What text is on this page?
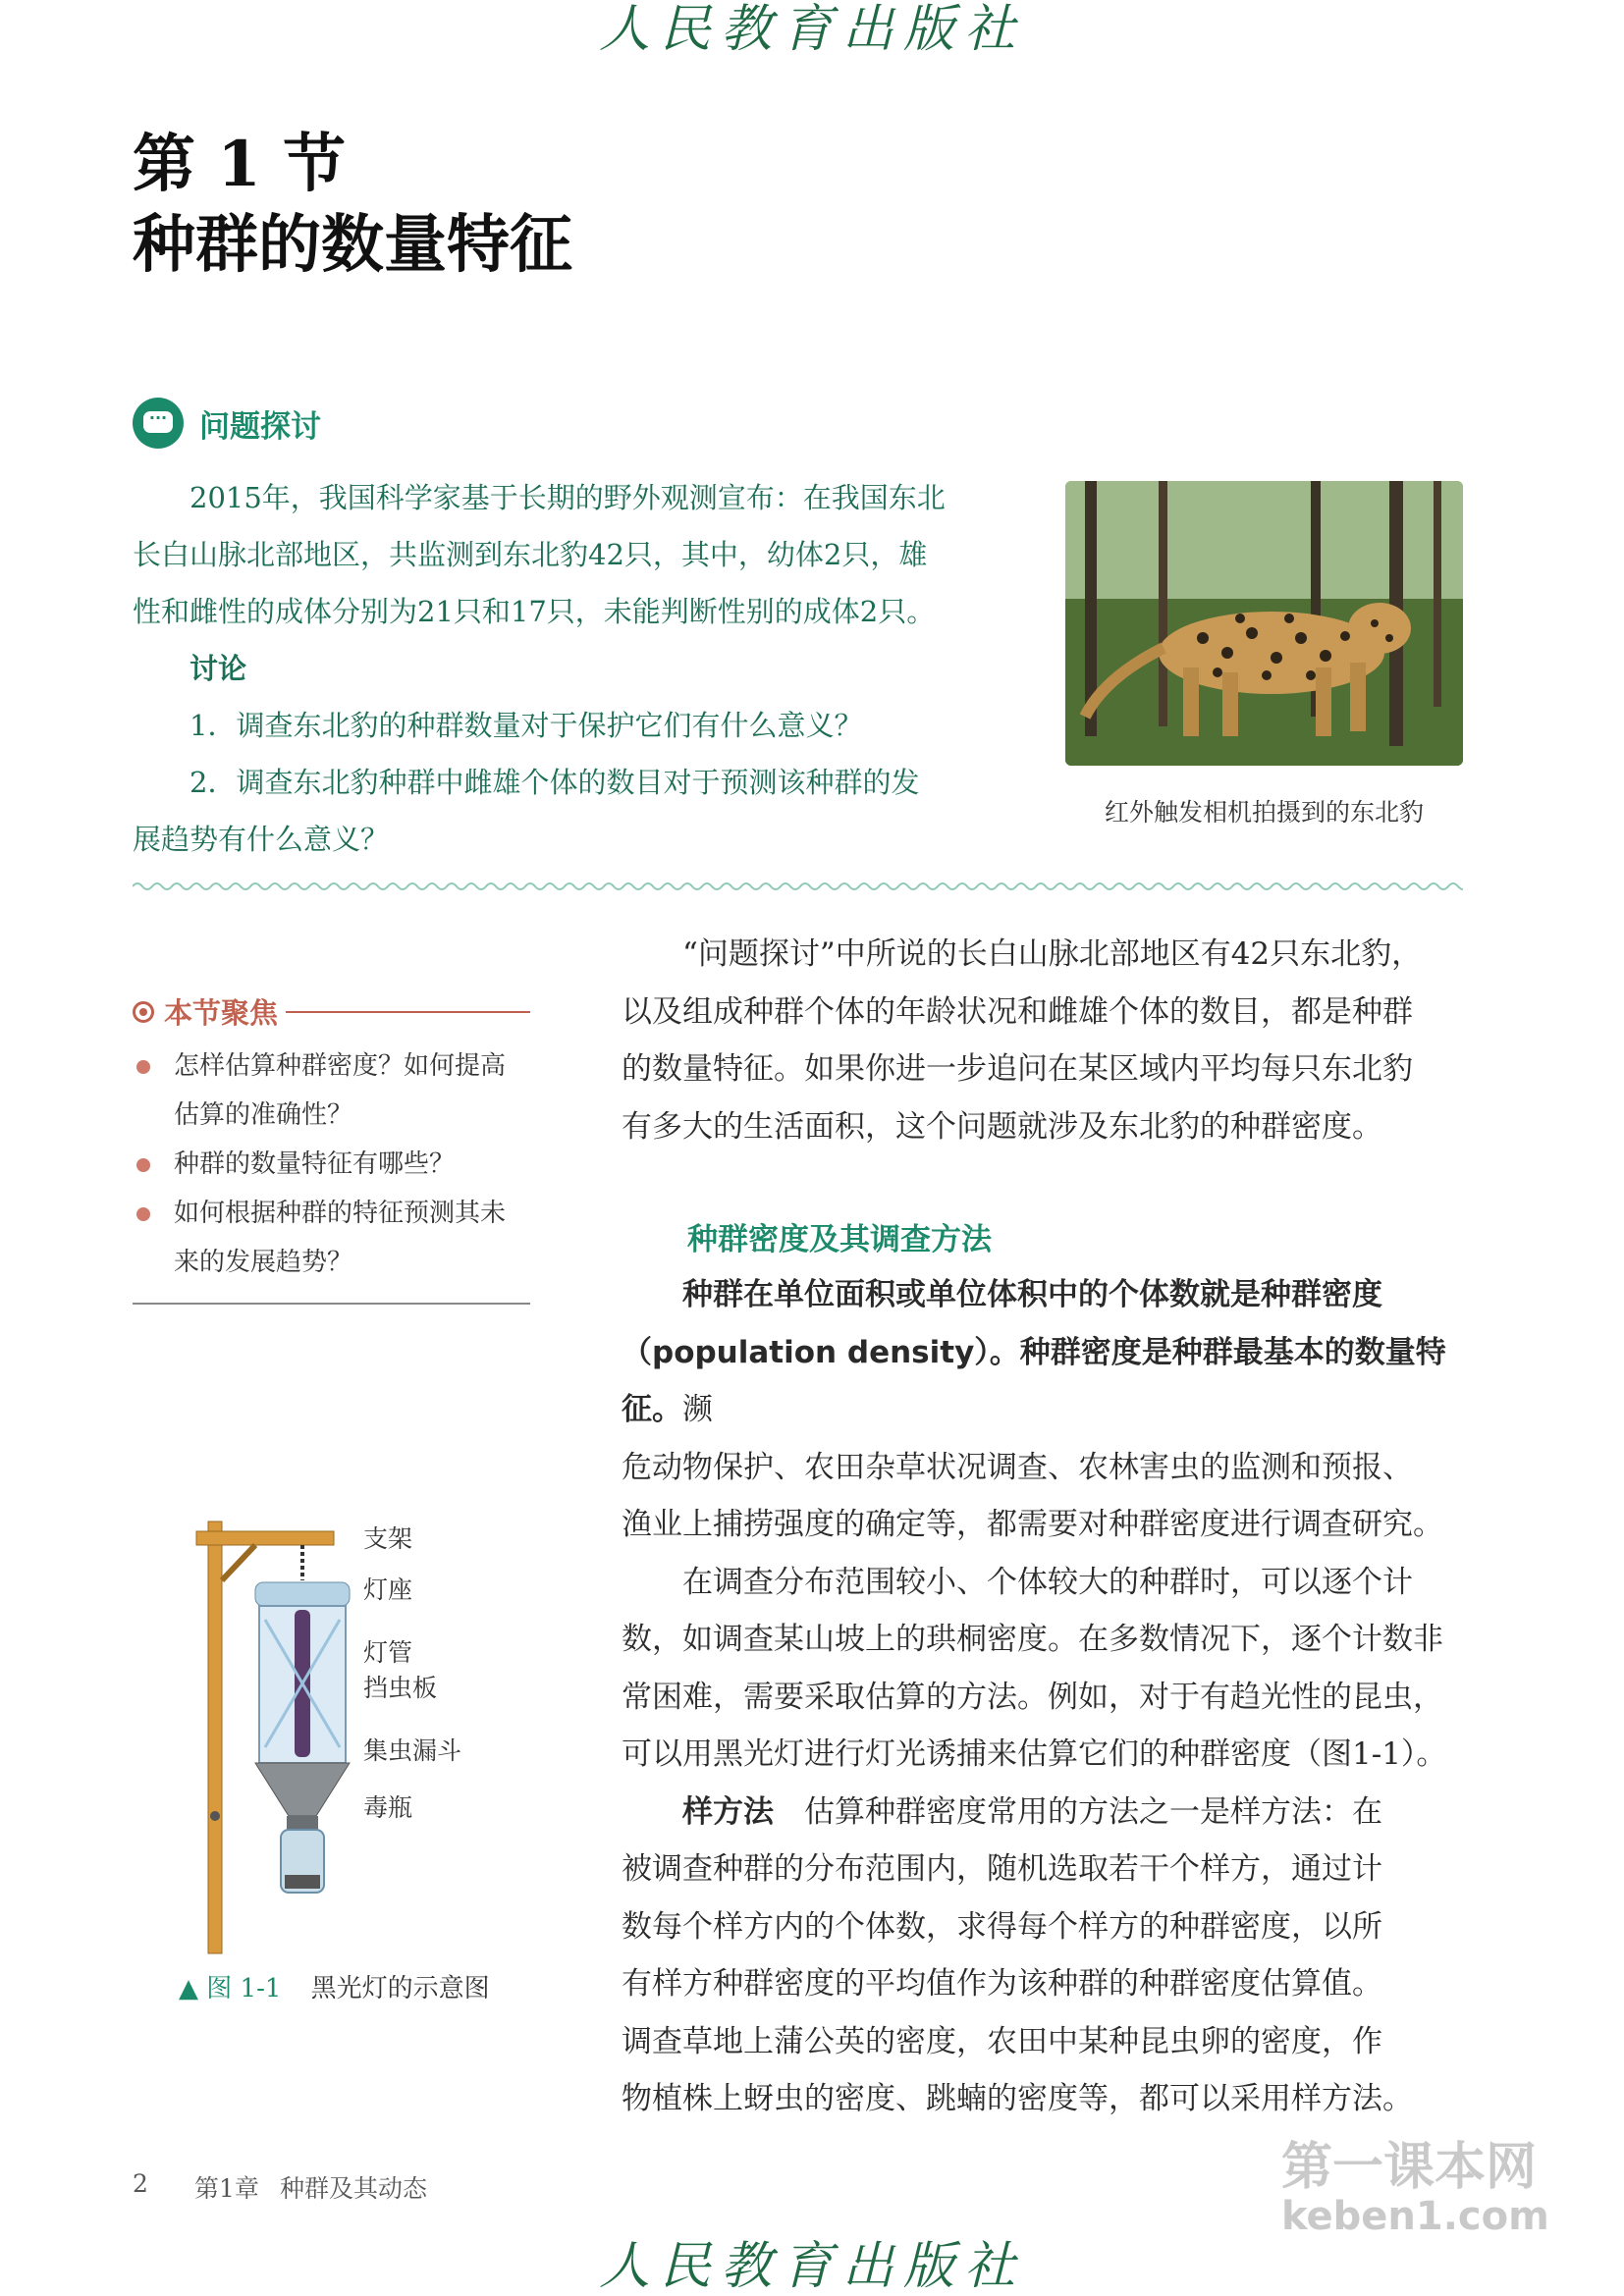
人民教育出版社
第 1 节
种群的数量特征
··· 问题探讨
2015年，我国科学家基于长期的野外观测宣布：在我国东北
长白山脉北部地区，共监测到东北豹42只，其中，幼体2只，雄
性和雌性的成体分别为21只和17只，未能判断性别的成体2只。
讨论
1．调查东北豹的种群数量对于保护它们有什么意义？
2．调查东北豹种群中雌雄个体的数目对于预测该种群的发
展趋势有什么意义？
红外触发相机拍摄到的东北豹
本节聚焦
怎样估算种群密度？如何提高
估算的准确性？
种群的数量特征有哪些？
如何根据种群的特征预测其未
来的发展趋势？

“问题探讨”中所说的长白山脉北部地区有42只东北豹，

以及组成种群个体的年龄状况和雌雄个体的数目，都是种群

的数量特征。如果你进一步追问在某区域内平均每只东北豹

有多大的生活面积，这个问题就涉及东北豹的种群密度。

种群密度及其调查方法

种群在单位面积或单位体积中的个体数就是种群密度

（population density）。种群密度是种群最基本的数量特征。濒

危动物保护、农田杂草状况调查、农林害虫的监测和预报、

渔业上捕捞强度的确定等，都需要对种群密度进行调查研究。

在调查分布范围较小、个体较大的种群时，可以逐个计

数，如调查某山坡上的珙桐密度。在多数情况下，逐个计数非

常困难，需要采取估算的方法。例如，对于有趋光性的昆虫，

可以用黑光灯进行灯光诱捕来估算它们的种群密度（图1-1）。

样方法　 估算种群密度常用的方法之一是样方法：在

被调查种群的分布范围内，随机选取若干个样方，通过计

数每个样方内的个体数，求得每个样方的种群密度，以所

有样方种群密度的平均值作为该种群的种群密度估算值。

调查草地上蒲公英的密度，农田中某种昆虫卵的密度，作

物植株上蚜虫的密度、跳蝻的密度等，都可以采用样方法。

支架
灯座
灯管
挡虫板
集虫漏斗
毒瓶
▲ 图 1-1 黑光灯的示意图
2 第1章 种群及其动态	第一课本网
keben1.com
人民教育出版社
